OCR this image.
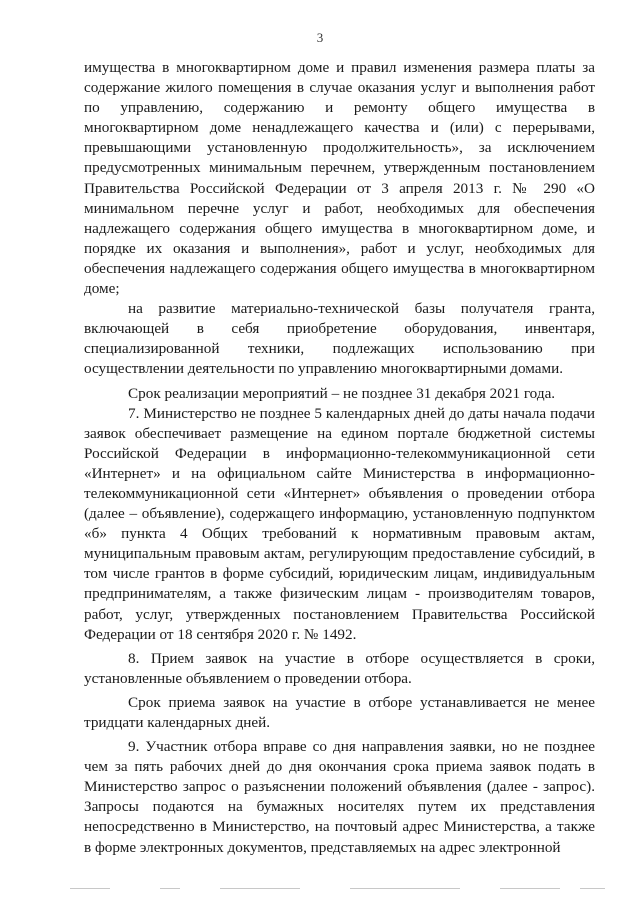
3

имущества в многоквартирном доме и правил изменения размера платы за содержание жилого помещения в случае оказания услуг и выполнения работ по управлению, содержанию и ремонту общего имущества в многоквартирном доме ненадлежащего качества и (или) с перерывами, превышающими установленную продолжительность», за исключением предусмотренных минимальным перечнем, утвержденным постановлением Правительства Российской Федерации от 3 апреля 2013 г. № 290 «О минимальном перечне услуг и работ, необходимых для обеспечения надлежащего содержания общего имущества в многоквартирном доме, и порядке их оказания и выполнения», работ и услуг, необходимых для обеспечения надлежащего содержания общего имущества в многоквартирном доме;

на развитие материально-технической базы получателя гранта, включающей в себя приобретение оборудования, инвентаря, специализированной техники, подлежащих использованию при осуществлении деятельности по управлению многоквартирными домами.

Срок реализации мероприятий – не позднее 31 декабря 2021 года.

7. Министерство не позднее 5 календарных дней до даты начала подачи заявок обеспечивает размещение на едином портале бюджетной системы Российской Федерации в информационно-телекоммуникационной сети «Интернет» и на официальном сайте Министерства в информационно-телекоммуникационной сети «Интернет» объявления о проведении отбора (далее – объявление), содержащего информацию, установленную подпунктом «б» пункта 4 Общих требований к нормативным правовым актам, муниципальным правовым актам, регулирующим предоставление субсидий, в том числе грантов в форме субсидий, юридическим лицам, индивидуальным предпринимателям, а также физическим лицам - производителям товаров, работ, услуг, утвержденных постановлением Правительства Российской Федерации от 18 сентября 2020 г. № 1492.

8. Прием заявок на участие в отборе осуществляется в сроки, установленные объявлением о проведении отбора.

Срок приема заявок на участие в отборе устанавливается не менее тридцати календарных дней.

9. Участник отбора вправе со дня направления заявки, но не позднее чем за пять рабочих дней до дня окончания срока приема заявок подать в Министерство запрос о разъяснении положений объявления (далее - запрос). Запросы подаются на бумажных носителях путем их представления непосредственно в Министерство, на почтовый адрес Министерства, а также в форме электронных документов, представляемых на адрес электронной
